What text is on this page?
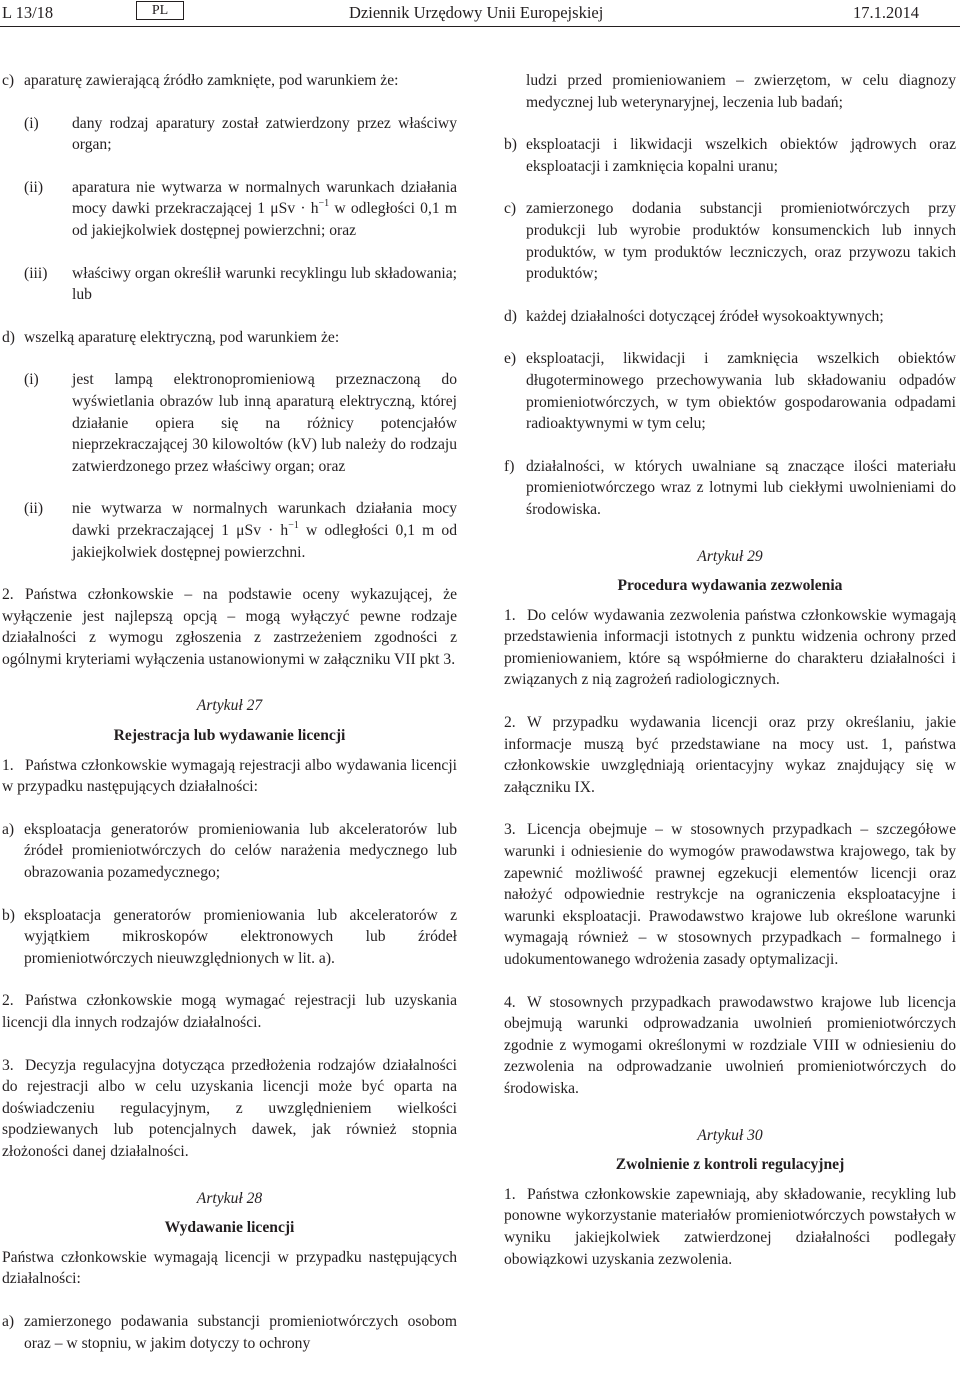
L 13/18	PL	Dziennik Urzędowy Unii Europejskiej	17.1.2014

c) aparaturę zawierającą źródło zamknięte, pod warunkiem że:

(i) dany rodzaj aparatury został zatwierdzony przez właściwy organ;

(ii) aparatura nie wytwarza w normalnych warunkach działania mocy dawki przekraczającej 1 $\mu Sv \cdot h^{-1}$ w odległości 0,1 m od jakiejkolwiek dostępnej powierzchni; oraz

(iii) właściwy organ określił warunki recyklingu lub składowania; lub

d) wszelką aparaturę elektryczną, pod warunkiem że:

(i) jest lampą elektronopromieniową przeznaczoną do wyświetlania obrazów lub inną aparaturą elektryczną, której działanie opiera się na różnicy potencjałów nieprzekraczającej 30 kilowoltów (kV) lub należy do rodzaju zatwierdzonego przez właściwy organ; oraz

(ii) nie wytwarza w normalnych warunkach działania mocy dawki przekraczającej 1 $\mu Sv \cdot h^{-1}$ w odległości 0,1 m od jakiejkolwiek dostępnej powierzchni.

2. Państwa członkowskie – na podstawie oceny wykazującej, że wyłączenie jest najlepszą opcją – mogą wyłączyć pewne rodzaje działalności z wymogu zgłoszenia z zastrzeżeniem zgodności z ogólnymi kryteriami wyłączenia ustanowionymi w załączniku VII pkt 3.

Artykuł 27

Rejestracja lub wydawanie licencji

1. Państwa członkowskie wymagają rejestracji albo wydawania licencji w przypadku następujących działalności:

a) eksploatacja generatorów promieniowania lub akceleratorów lub źródeł promieniotwórczych do celów narażenia medycznego lub obrazowania pozamedycznego;

b) eksploatacja generatorów promieniowania lub akceleratorów z wyjątkiem mikroskopów elektronowych lub źródeł promieniotwórczych nieuwzględnionych w lit. a).

2. Państwa członkowskie mogą wymagać rejestracji lub uzyskania licencji dla innych rodzajów działalności.

3. Decyzja regulacyjna dotycząca przedłożenia rodzajów działalności do rejestracji albo w celu uzyskania licencji może być oparta na doświadczeniu regulacyjnym, z uwzględnieniem wielkości spodziewanych lub potencjalnych dawek, jak również stopnia złożoności danej działalności.

Artykuł 28

Wydawanie licencji

Państwa członkowskie wymagają licencji w przypadku następujących działalności:

a) zamierzonego podawania substancji promieniotwórczych osobom oraz – w stopniu, w jakim dotyczy to ochrony

ludzi przed promieniowaniem – zwierzętom, w celu diagnozy medycznej lub weterynaryjnej, leczenia lub badań;

b) eksploatacji i likwidacji wszelkich obiektów jądrowych oraz eksploatacji i zamknięcia kopalni uranu;

c) zamierzonego dodania substancji promieniotwórczych przy produkcji lub wyrobie produktów konsumenckich lub innych produktów, w tym produktów leczniczych, oraz przywozu takich produktów;

d) każdej działalności dotyczącej źródeł wysokoaktywnych;

e) eksploatacji, likwidacji i zamknięcia wszelkich obiektów długoterminowego przechowywania lub składowaniu odpadów promieniotwórczych, w tym obiektów gospodarowania odpadami radioaktywnymi w tym celu;

f) działalności, w których uwalniane są znaczące ilości materiału promieniotwórczego wraz z lotnymi lub ciekłymi uwolnieniami do środowiska.

Artykuł 29

Procedura wydawania zezwolenia

1. Do celów wydawania zezwolenia państwa członkowskie wymagają przedstawienia informacji istotnych z punktu widzenia ochrony przed promieniowaniem, które są współmierne do charakteru działalności i związanych z nią zagrożeń radiologicznych.

2. W przypadku wydawania licencji oraz przy określaniu, jakie informacje muszą być przedstawiane na mocy ust. 1, państwa członkowskie uwzględniają orientacyjny wykaz znajdujący się w załączniku IX.

3. Licencja obejmuje – w stosownych przypadkach – szczegółowe warunki i odniesienie do wymogów prawodawstwa krajowego, tak by zapewnić możliwość prawnej egzekucji elementów licencji oraz nałożyć odpowiednie restrykcje na ograniczenia eksploatacyjne i warunki eksploatacji. Prawodawstwo krajowe lub określone warunki wymagają również – w stosownych przypadkach – formalnego i udokumentowanego wdrożenia zasady optymalizacji.

4. W stosownych przypadkach prawodawstwo krajowe lub licencja obejmują warunki odprowadzania uwolnień promieniotwórczych zgodnie z wymogami określonymi w rozdziale VIII w odniesieniu do zezwolenia na odprowadzanie uwolnień promieniotwórczych do środowiska.

Artykuł 30

Zwolnienie z kontroli regulacyjnej

1. Państwa członkowskie zapewniają, aby składowanie, recykling lub ponowne wykorzystanie materiałów promieniotwórczych powstałych w wyniku jakiejkolwiek zatwierdzonej działalności podlegały obowiązkowi uzyskania zezwolenia.
